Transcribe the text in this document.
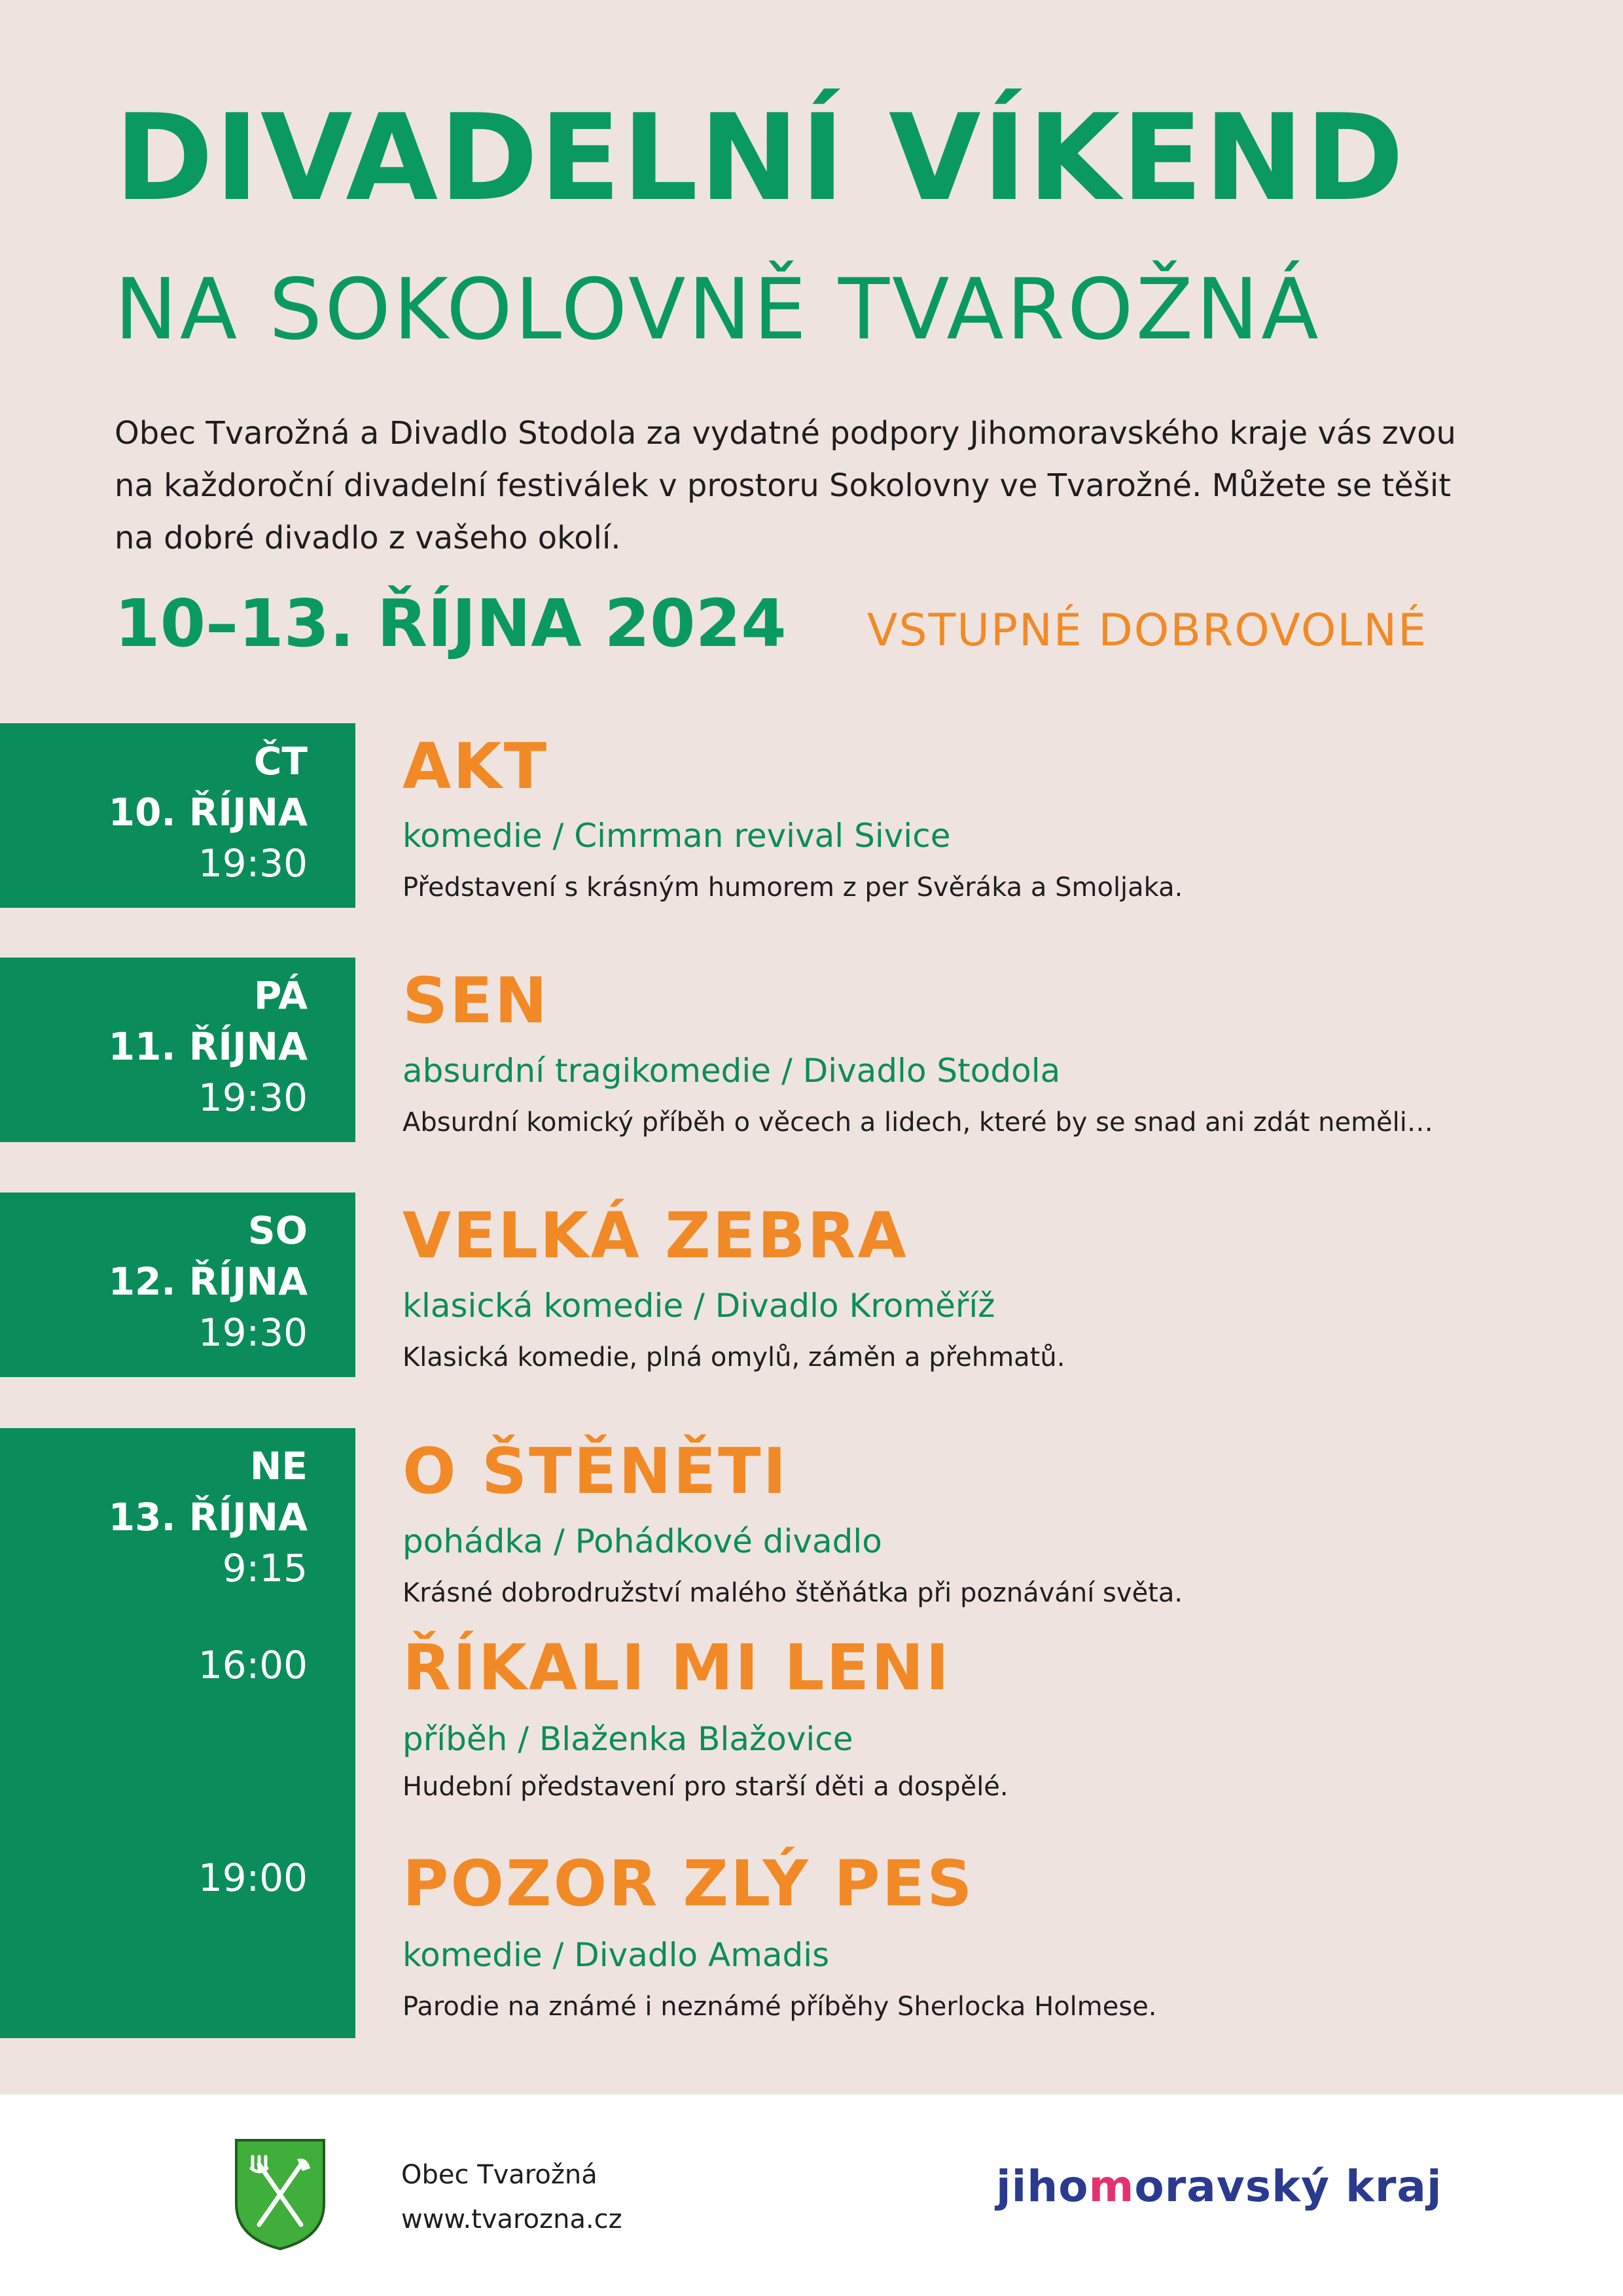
DIVADELNÍ VÍKEND
NA SOKOLOVNĚ TVAROŽNÁ
Obec Tvarožná a Divadlo Stodola za vydatné podpory Jihomoravského kraje vás zvou
na každoroční divadelní festiválek v prostoru Sokolovny ve Tvarožné. Můžete se těšit
na dobré divadlo z vašeho okolí.
10–13. ŘÍJNA 2024 VSTUPNÉ DOBROVOLNÉ
ČT
10. ŘÍJNA
19:30
AKT
komedie / Cimrman revival Sivice
Představení s krásným humorem z per Svěráka a Smoljaka.
PÁ
11. ŘÍJNA
19:30
SEN
absurdní tragikomedie / Divadlo Stodola
Absurdní komický příběh o věcech a lidech, které by se snad ani zdát neměli…
SO
12. ŘÍJNA
19:30
VELKÁ ZEBRA
klasická komedie / Divadlo Kroměříž
Klasická komedie, plná omylů, záměn a přehmatů.
NE
13. ŘÍJNA
9:15
16:00
19:00
O ŠTĚNĚTI
pohádka / Pohádkové divadlo
Krásné dobrodružství malého štěňátka při poznávání světa.
ŘÍKALI MI LENI
příběh / Blaženka Blažovice
Hudební představení pro starší děti a dospělé.
POZOR ZLÝ PES
komedie / Divadlo Amadis
Parodie na známé i neznámé příběhy Sherlocka Holmese.
Obec Tvarožná
www.tvarozna.cz
jihomoravský kraj
